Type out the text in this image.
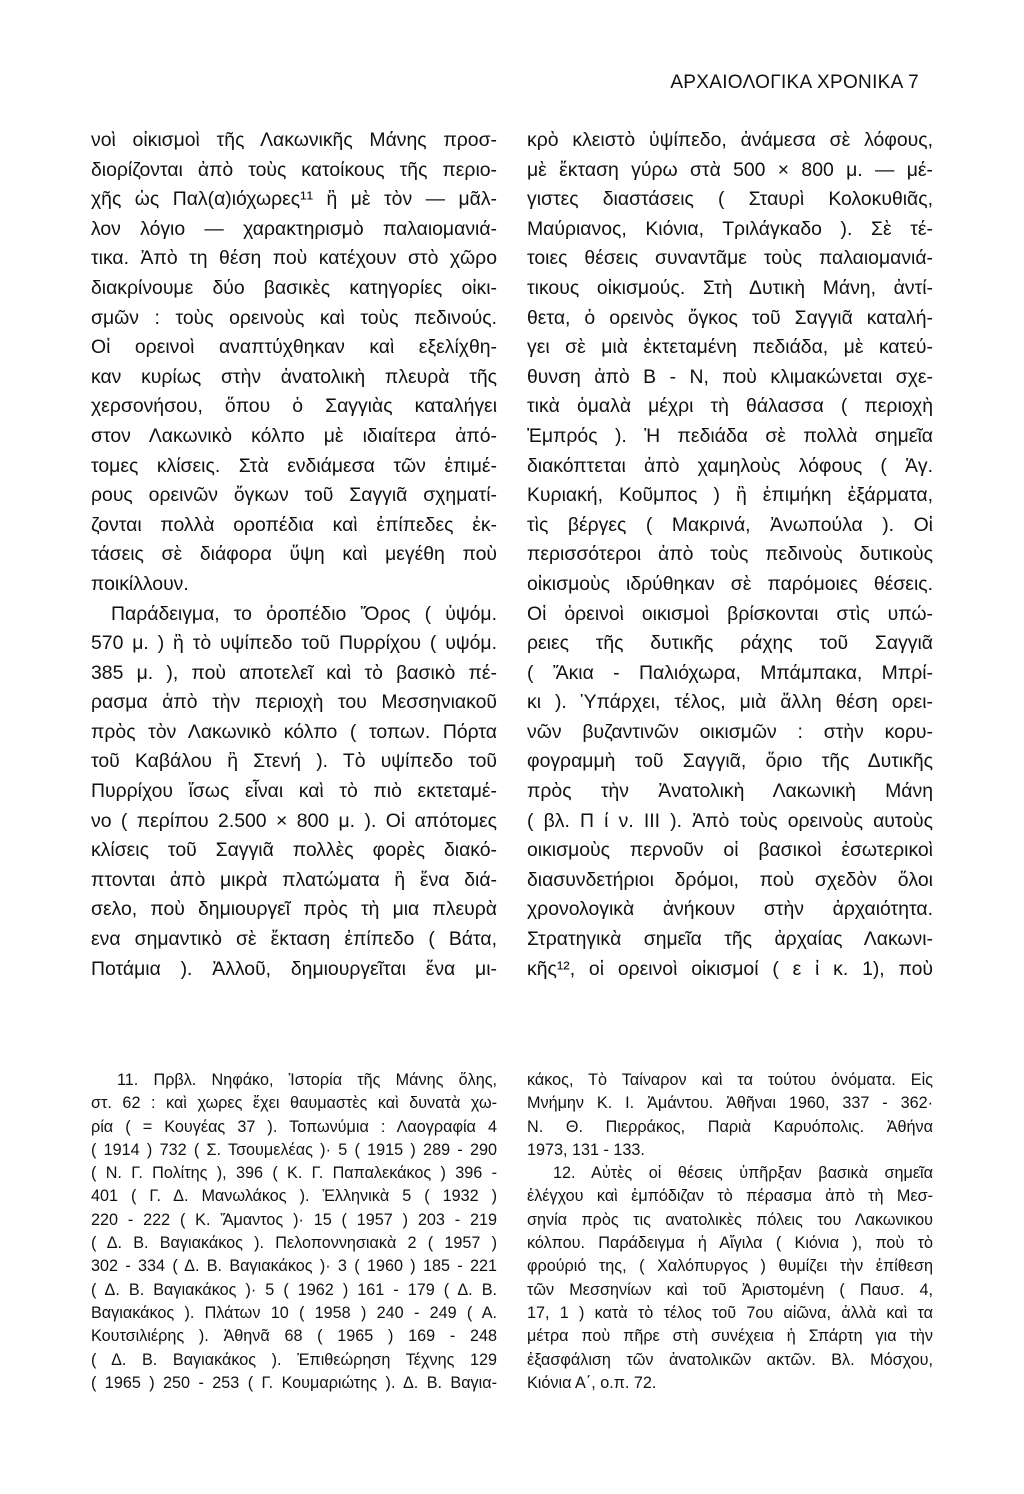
ΑΡΧΑΙΟΛΟΓΙΚΑ ΧΡΟΝΙΚΑ 7
νοὶ οἰκισμοὶ τῆς Λακωνικῆς Μάνης προσ-
διορίζονται ἀπὸ τοὺς κατοίκους τῆς περιο-
χῆς ὡς Παλ(α)ιόχωρες¹¹ ἢ μὲ τὸν — μᾶλ-
λον λόγιο — χαρακτηρισμὸ παλαιομανιά-
τικα. Ἀπὸ τη θέση ποὺ κατέχουν στὸ χῶρο
διακρίνουμε δύο βασικὲς κατηγορίες οἰκι-
σμῶν : τοὺς ορεινοὺς καὶ τοὺς πεδινούς.
Οἱ ορεινοὶ αναπτύχθηκαν καὶ εξελίχθη-
καν κυρίως στὴν ἀνατολικὴ πλευρὰ τῆς
χερσονήσου, ὅπου ὁ Σαγγιὰς καταλήγει
στον Λακωνικὸ κόλπο μὲ ιδιαίτερα ἀπό-
τομες κλίσεις. Στὰ ενδιάμεσα τῶν ἐπιμέ-
ρους ορεινῶν ὄγκων τοῦ Σαγγιᾶ σχηματί-
ζονται πολλὰ οροπέδια καὶ ἐπίπεδες ἐκ-
τάσεις σὲ διάφορα ὕψη καὶ μεγέθη ποὺ
ποικίλλουν.
Παράδειγμα, το ὀροπέδιο Ὄρος ( ὑψόμ.
570 μ. ) ἢ τὸ υψίπεδο τοῦ Πυρρίχου ( υψόμ.
385 μ. ), ποὺ αποτελεῖ καὶ τὸ βασικὸ πέ-
ρασμα ἀπὸ τὴν περιοχὴ του Μεσσηνιακοῦ
πρὸς τὸν Λακωνικὸ κόλπο ( τοπων. Πόρτα
τοῦ Καβάλου ἢ Στενή ). Τὸ υψίπεδο τοῦ
Πυρρίχου ἴσως εἶναι καὶ τὸ πιὸ εκτεταμέ-
νο ( περίπου 2.500 × 800 μ. ). Οἱ απότομες
κλίσεις τοῦ Σαγγιᾶ πολλὲς φορὲς διακό-
πτονται ἀπὸ μικρὰ πλατώματα ἢ ἕνα διά-
σελο, ποὺ δημιουργεῖ πρὸς τὴ μια πλευρὰ
ενα σημαντικὸ σὲ ἔκταση ἐπίπεδο ( Βάτα,
Ποτάμια ). Ἀλλοῦ, δημιουργεῖται ἕνα μι-
κρὸ κλειστὸ ὑψίπεδο, ἀνάμεσα σὲ λόφους,
μὲ ἔκταση γύρω στὰ 500 × 800 μ. — μέ-
γιστες διαστάσεις ( Σταυρὶ Κολοκυθιᾶς,
Μαύριανος, Κιόνια, Τριλάγκαδο ). Σὲ τέ-
τοιες θέσεις συναντᾶμε τοὺς παλαιομανιά-
τικους οἰκισμούς. Στὴ Δυτικὴ Μάνη, ἀντί-
θετα, ὁ ορεινὸς ὄγκος τοῦ Σαγγιᾶ καταλή-
γει σὲ μιὰ ἐκτεταμένη πεδιάδα, μὲ κατεύ-
θυνση ἀπὸ Β - Ν, ποὺ κλιμακώνεται σχε-
τικὰ ὁμαλὰ μέχρι τὴ θάλασσα ( περιοχὴ
Ἐμπρός ). Ἡ πεδιάδα σὲ πολλὰ σημεῖα
διακόπτεται ἀπὸ χαμηλοὺς λόφους ( Ἁγ.
Κυριακή, Κοῦμπος ) ἢ ἐπιμήκη ἐξάρματα,
τὶς βέργες ( Μακρινά, Ἀνωπούλα ). Οἱ
περισσότεροι ἀπὸ τοὺς πεδινοὺς δυτικοὺς
οἰκισμοὺς ιδρύθηκαν σὲ παρόμοιες θέσεις.
Οἱ ὀρεινοὶ οικισμοὶ βρίσκονται στὶς υπώ-
ρειες τῆς δυτικῆς ράχης τοῦ Σαγγιᾶ
( Ἄκια - Παλιόχωρα, Μπάμπακα, Μπρί-
κι ). Ὑπάρχει, τέλος, μιὰ ἄλλη θέση ορει-
νῶν βυζαντινῶν οικισμῶν : στὴν κορυ-
φογραμμὴ τοῦ Σαγγιᾶ, ὅριο τῆς Δυτικῆς
πρὸς τὴν Ἀνατολικὴ Λακωνικὴ Μάνη
( βλ. Π ί ν. III ). Ἀπὸ τοὺς ορεινοὺς αυτοὺς
οικισμοὺς περνοῦν οἱ βασικοὶ ἐσωτερικοὶ
διασυνδετήριοι δρόμοι, ποὺ σχεδὸν ὅλοι
χρονολογικὰ ἀνήκουν στὴν ἀρχαιότητα.
Στρατηγικὰ σημεῖα τῆς ἀρχαίας Λακωνι-
κῆς¹², οἱ ορεινοὶ οἰκισμοί ( ε ἰ κ. 1), ποὺ
11. Πρβλ. Νηφάκο, Ἱστορία τῆς Μάνης ὅλης,
στ. 62 : καὶ χωρες ἔχει θαυμαστὲς καὶ δυνατὰ χω-
ρία ( = Κουγέας 37 ). Τοπωνύμια : Λαογραφία 4
( 1914 ) 732 ( Σ. Τσουμελέας )· 5 ( 1915 ) 289 - 290
( Ν. Γ. Πολίτης ), 396 ( Κ. Γ. Παπαλεκάκος ) 396 -
401 ( Γ. Δ. Μανωλάκος ). Ἑλληνικὰ 5 ( 1932 )
220 - 222 ( Κ. Ἄμαντος )· 15 ( 1957 ) 203 - 219
( Δ. Β. Βαγιακάκος ). Πελοποννησιακὰ 2 ( 1957 )
302 - 334 ( Δ. Β. Βαγιακάκος )· 3 ( 1960 ) 185 - 221
( Δ. Β. Βαγιακάκος )· 5 ( 1962 ) 161 - 179 ( Δ. Β.
Βαγιακάκος ). Πλάτων 10 ( 1958 ) 240 - 249 ( Α.
Κουτσιλιέρης ). Ἀθηνᾶ 68 ( 1965 ) 169 - 248
( Δ. Β. Βαγιακάκος ). Ἐπιθεώρηση Τέχνης 129
( 1965 ) 250 - 253 ( Γ. Κουμαριώτης ). Δ. Β. Βαγια-
κάκος, Τὸ Ταίναρον καὶ τα τούτου ὀνόματα. Εἰς
Μνήμην Κ. Ι. Ἀμάντου. Ἀθῆναι 1960, 337 - 362·
Ν. Θ. Πιερράκος, Παριὰ Καρυόπολις. Ἀθήνα
1973, 131 - 133.
12. Αὐτὲς οἱ θέσεις ὑπῆρξαν βασικὰ σημεῖα
ἐλέγχου καὶ ἐμπόδιζαν τὸ πέρασμα ἀπὸ τὴ Μεσ-
σηνία πρὸς τις ανατολικὲς πόλεις του Λακωνικου
κόλπου. Παράδειγμα ἡ Αἴγιλα ( Κιόνια ), ποὺ τὸ
φρούριό της, ( Χαλόπυργος ) θυμίζει τὴν ἐπίθεση
τῶν Μεσσηνίων καὶ τοῦ Ἀριστομένη ( Παυσ. 4,
17, 1 ) κατὰ τὸ τέλος τοῦ 7ου αἰῶνα, ἀλλὰ καὶ τα
μέτρα ποὺ πῆρε στὴ συνέχεια ἡ Σπάρτη για τὴν
ἐξασφάλιση τῶν ἀνατολικῶν ακτῶν. Βλ. Μόσχου,
Κιόνια Α΄, ο.π. 72.
